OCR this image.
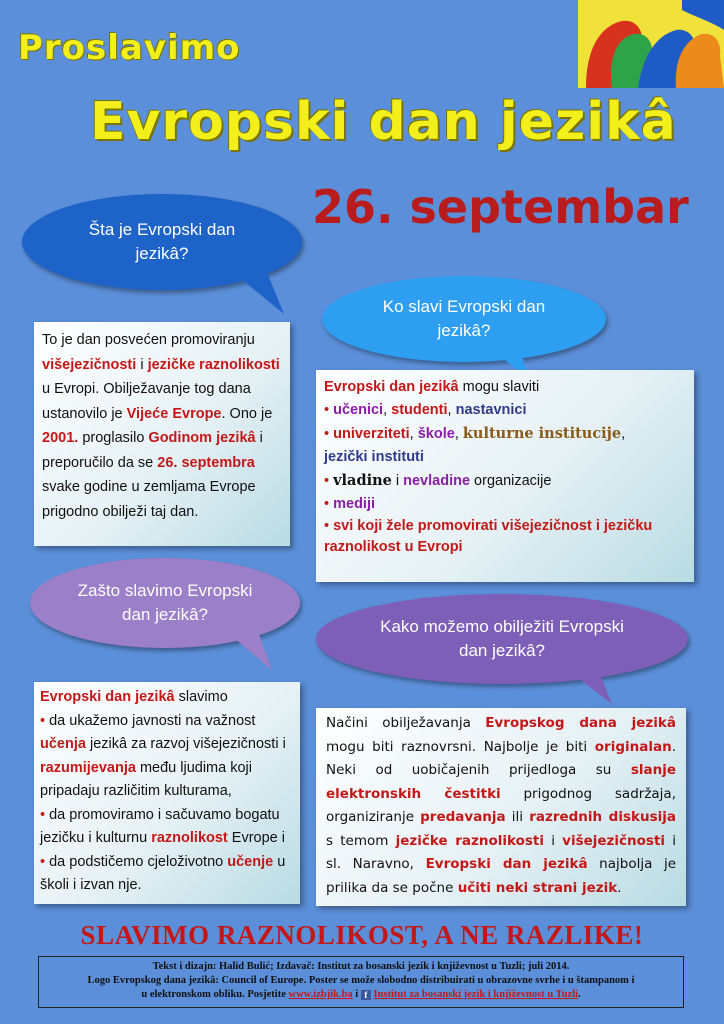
Proslavimo
Evropski dan jezikâ
26. septembar
Šta je Evropski dan jezikâ?
Ko slavi Evropski dan jezikâ?
To je dan posvećen promoviranju višejezičnosti i jezičke raznolikosti u Evropi. Obilježavanje tog dana ustanovilo je Vijeće Evrope. Ono je 2001. proglasilo Godinom jezikâ i preporučilo da se 26. septembra svake godine u zemljama Evrope prigodno obilježi taj dan.
Evropski dan jezikâ mogu slaviti
• učenici, studenti, nastavnici
• univerziteti, škole, kulturne institucije,
jezički instituti
• vladine i nevladine organizacije
• mediji
• svi koji žele promovirati višejezičnost i jezičku raznolikost u Evropi
Zašto slavimo Evropski dan jezikâ?
Kako možemo obilježiti Evropski dan jezikâ?
Evropski dan jezikâ slavimo
• da ukažemo javnosti na važnost učenja jezikâ za razvoj višejezičnosti i razumijevanja među ljudima koji pripadaju različitim kulturama,
• da promoviramo i sačuvamo bogatu jezičku i kulturnu raznolikost Evrope i
• da podstičemo cjeloživotno učenje u školi i izvan nje.
Načini obilježavanja Evropskog dana jezikâ mogu biti raznovrsni. Najbolje je biti originalan. Neki od uobičajenih prijedloga su slanje elektronskih čestitki prigodnog sadržaja, organiziranje predavanja ili razrednih diskusija s temom jezičke raznolikosti i višejezičnosti i sl. Naravno, Evropski dan jezikâ najbolja je prilika da se počne učiti neki strani jezik.
SLAVIMO RAZNOLIKOST, A NE RAZLIKE!
Tekst i dizajn: Halid Bulić; Izdavač: Institut za bosanski jezik i književnost u Tuzli; juli 2014.
Logo Evropskog dana jezikâ: Council of Europe. Poster se može slobodno distribuirati u obrazovne svrhe i u štampanom i
u elektronskom obliku. Posjetite www.izbjik.ba i f Institut za bosanski jezik i književnost u Tuzli.
